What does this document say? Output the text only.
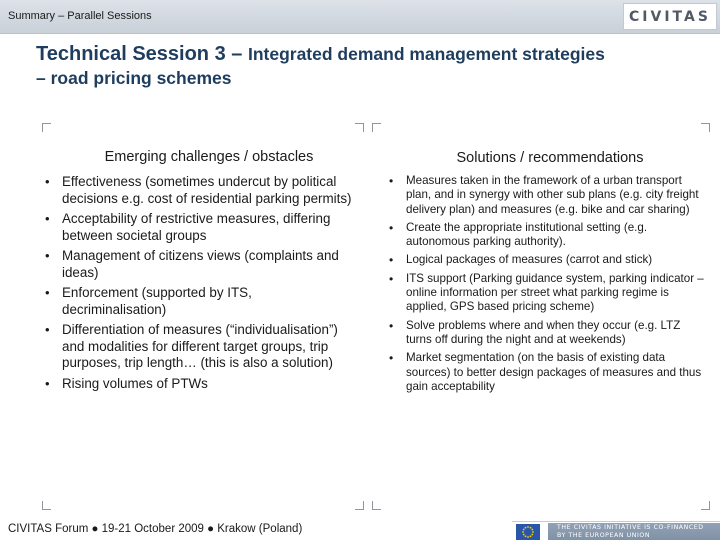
Summary – Parallel Sessions	CIVITAS
Technical Session 3 – Integrated demand management strategies
– road pricing schemes
Emerging challenges / obstacles
• Effectiveness (sometimes undercut by political decisions e.g. cost of residential parking permits)
• Acceptability of restrictive measures, differing between societal groups
• Management of citizens views (complaints and ideas)
• Enforcement (supported by ITS, decriminalisation)
• Differentiation of measures (“individualisation”) and modalities for different target groups, trip purposes, trip length… (this is also a solution)
• Rising volumes of PTWs
Solutions / recommendations
• Measures taken in the framework of a urban transport plan, and in synergy with other sub plans (e.g. city freight delivery plan) and measures (e.g. bike and car sharing)
• Create the appropriate institutional setting (e.g. autonomous parking authority).
• Logical packages of measures (carrot and stick)
• ITS support (Parking guidance system, parking indicator – online information per street what parking regime is applied, GPS based pricing scheme)
• Solve problems where and when they occur (e.g. LTZ turns off during the night and at weekends)
• Market segmentation (on the basis of existing data sources) to better design packages of measures and thus gain acceptability
CIVITAS Forum ● 19-21 October 2009 ● Krakow (Poland)	THE CIVITAS INITIATIVE IS CO-FINANCED
BY THE EUROPEAN UNION
